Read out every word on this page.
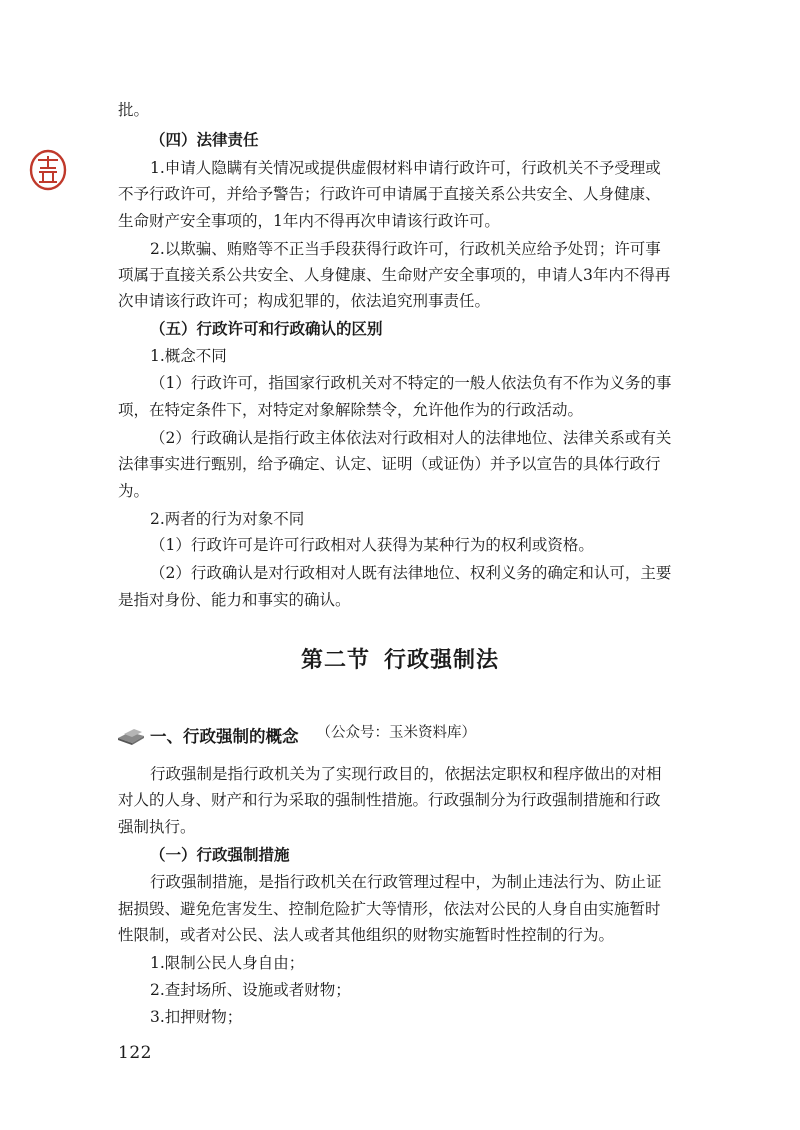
批。
（四）法律责任
1.申请人隐瞒有关情况或提供虚假材料申请行政许可，行政机关不予受理或
不予行政许可，并给予警告；行政许可申请属于直接关系公共安全、人身健康、
生命财产安全事项的，1年内不得再次申请该行政许可。
2.以欺骗、贿赂等不正当手段获得行政许可，行政机关应给予处罚；许可事
项属于直接关系公共安全、人身健康、生命财产安全事项的，申请人3年内不得再
次申请该行政许可；构成犯罪的，依法追究刑事责任。
（五）行政许可和行政确认的区别
1.概念不同
（1）行政许可，指国家行政机关对不特定的一般人依法负有不作为义务的事
项，在特定条件下，对特定对象解除禁令，允许他作为的行政活动。
（2）行政确认是指行政主体依法对行政相对人的法律地位、法律关系或有关
法律事实进行甄别，给予确定、认定、证明（或证伪）并予以宣告的具体行政行
为。
2.两者的行为对象不同
（1）行政许可是许可行政相对人获得为某种行为的权利或资格。
（2）行政确认是对行政相对人既有法律地位、权利义务的确定和认可，主要
是指对身份、能力和事实的确认。
第二节 行政强制法
一、行政强制的概念 （公众号：玉米资料库）
行政强制是指行政机关为了实现行政目的，依据法定职权和程序做出的对相
对人的人身、财产和行为采取的强制性措施。行政强制分为行政强制措施和行政
强制执行。
（一）行政强制措施
行政强制措施，是指行政机关在行政管理过程中，为制止违法行为、防止证
据损毁、避免危害发生、控制危险扩大等情形，依法对公民的人身自由实施暂时
性限制，或者对公民、法人或者其他组织的财物实施暂时性控制的行为。
1.限制公民人身自由；
2.查封场所、设施或者财物；
3.扣押财物；
122
